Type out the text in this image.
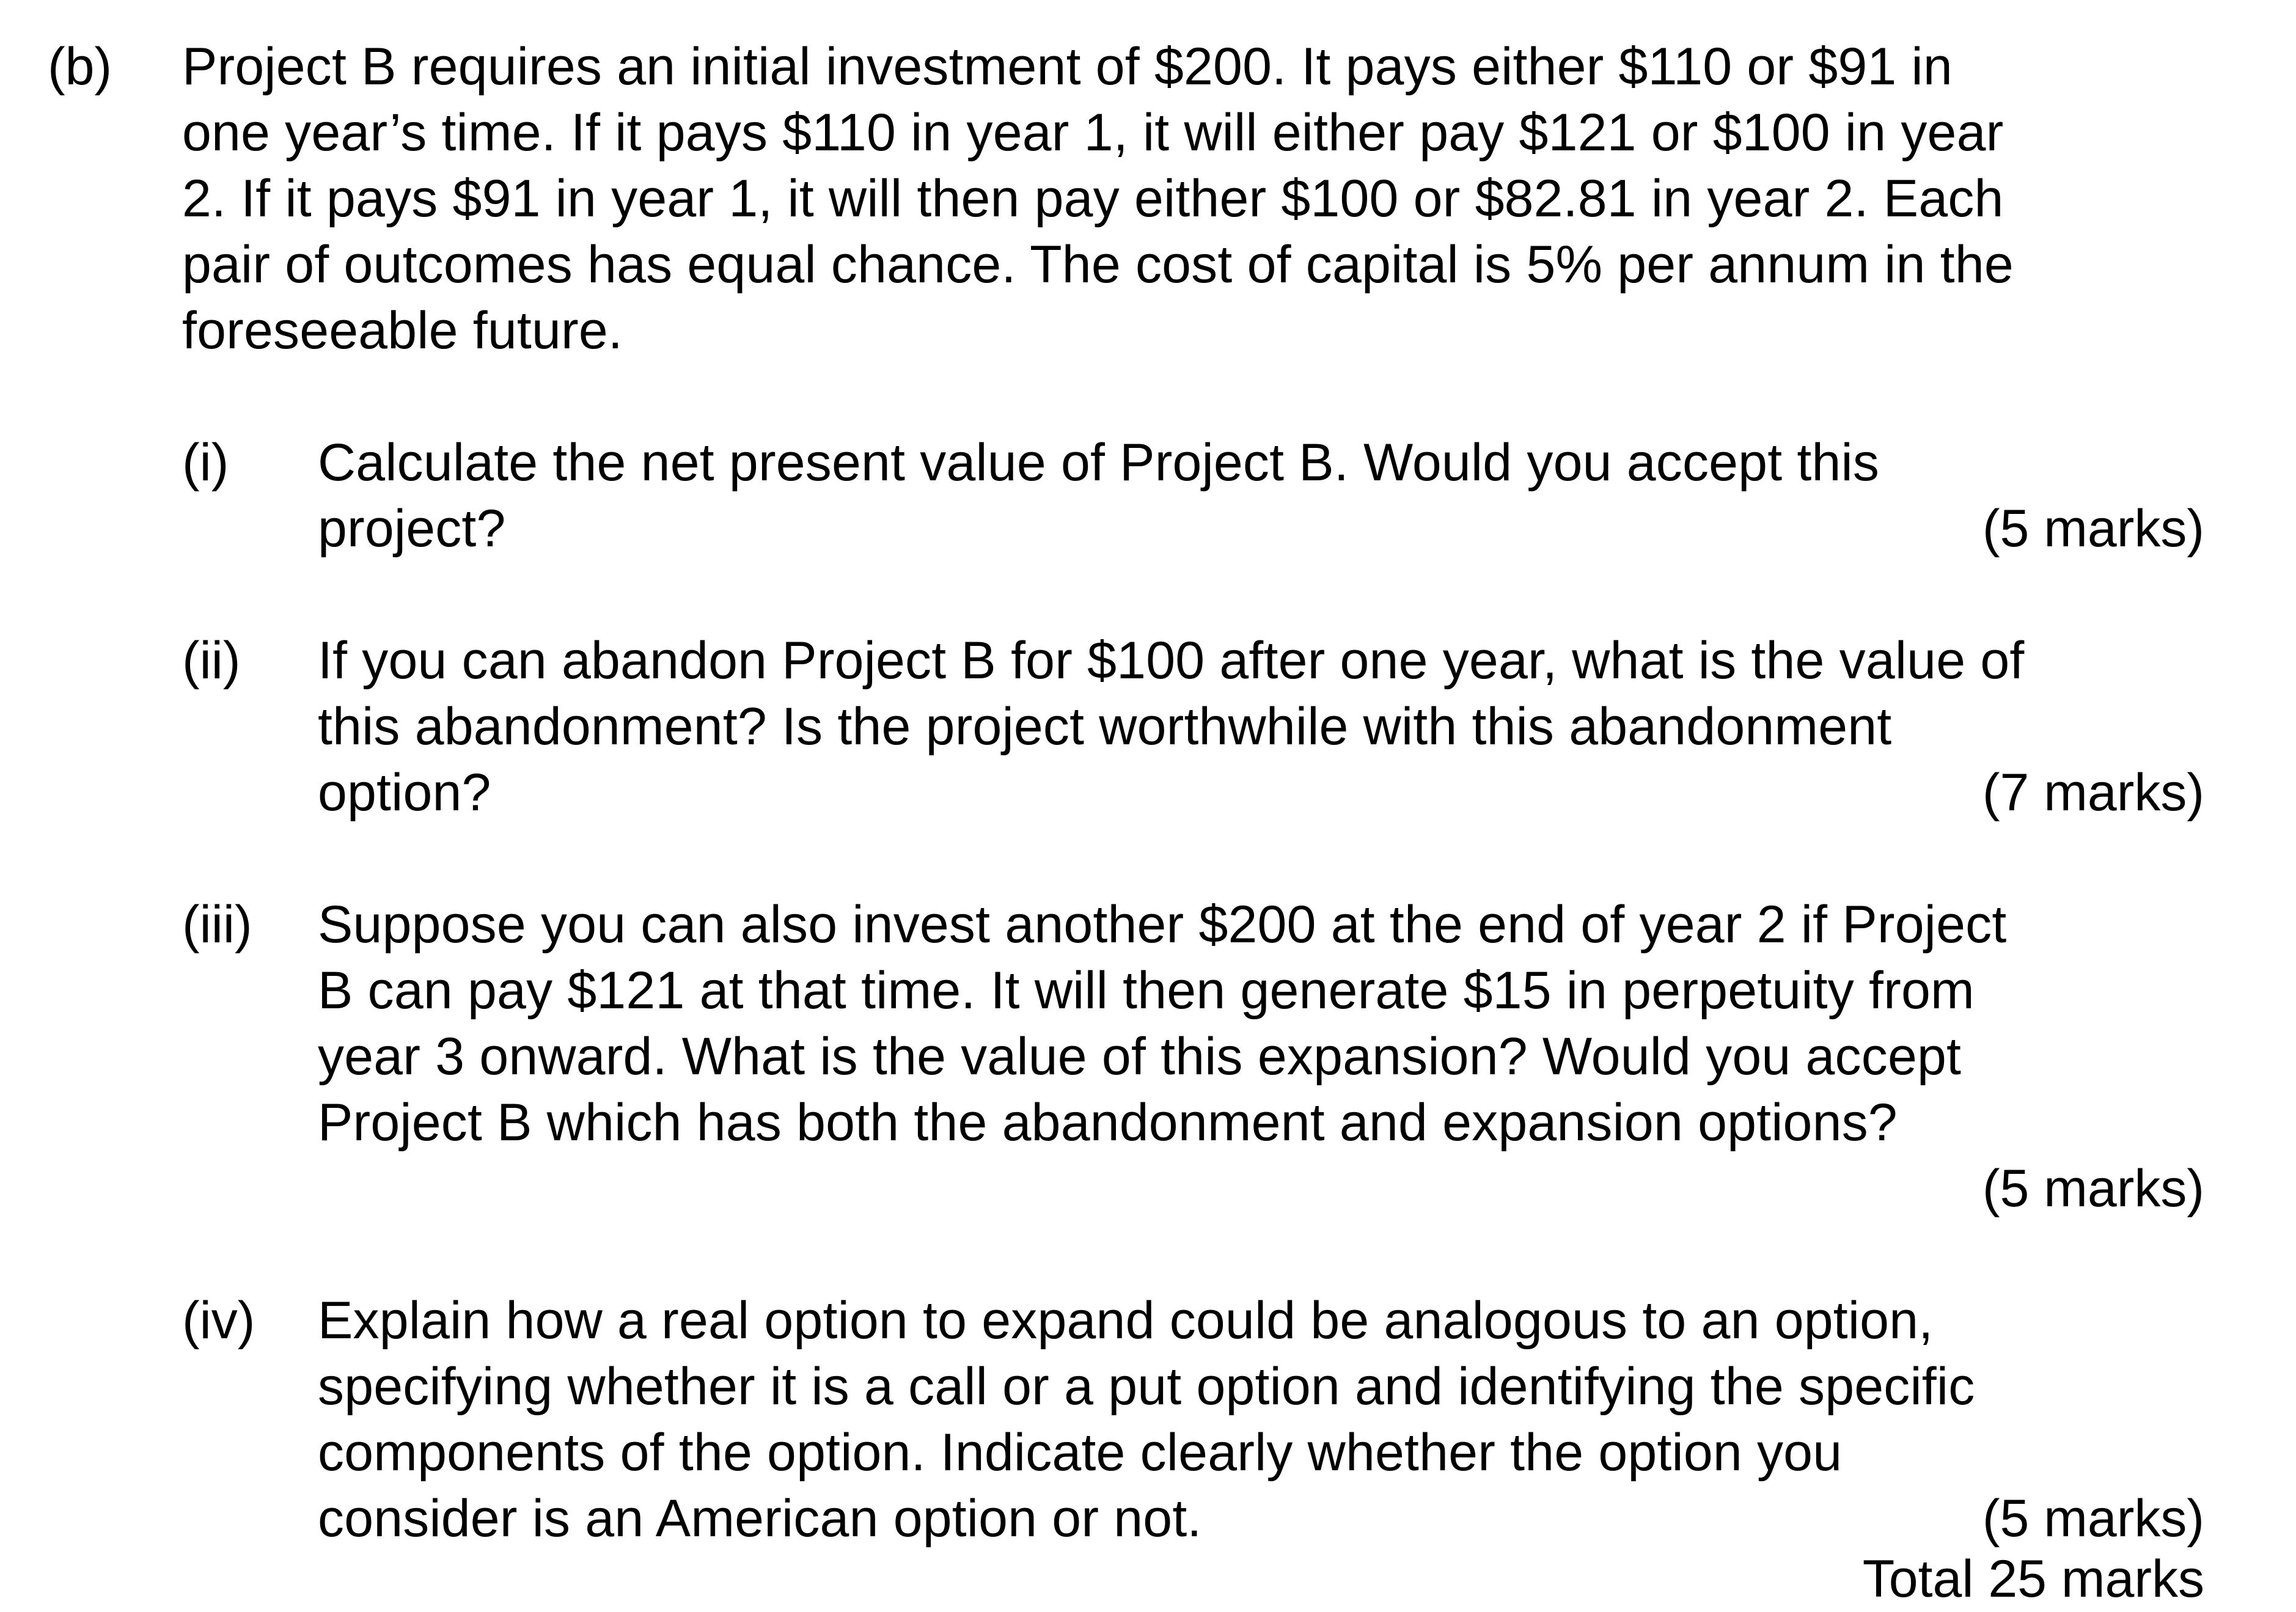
(b) Project B requires an initial investment of $200. It pays either $110 or $91 in
one year’s time. If it pays $110 in year 1, it will either pay $121 or $100 in year
2. If it pays $91 in year 1, it will then pay either $100 or $82.81 in year 2. Each
pair of outcomes has equal chance. The cost of capital is 5% per annum in the
foreseeable future.
(i) Calculate the net present value of Project B. Would you accept this
project?	(5 marks)
(ii) If you can abandon Project B for $100 after one year, what is the value of
this abandonment? Is the project worthwhile with this abandonment
option?	(7 marks)
(iii) Suppose you can also invest another $200 at the end of year 2 if Project
B can pay $121 at that time. It will then generate $15 in perpetuity from
year 3 onward. What is the value of this expansion? Would you accept
Project B which has both the abandonment and expansion options?
(5 marks)
(iv) Explain how a real option to expand could be analogous to an option,
specifying whether it is a call or a put option and identifying the specific
components of the option. Indicate clearly whether the option you
consider is an American option or not.	(5 marks)
Total 25 marks
